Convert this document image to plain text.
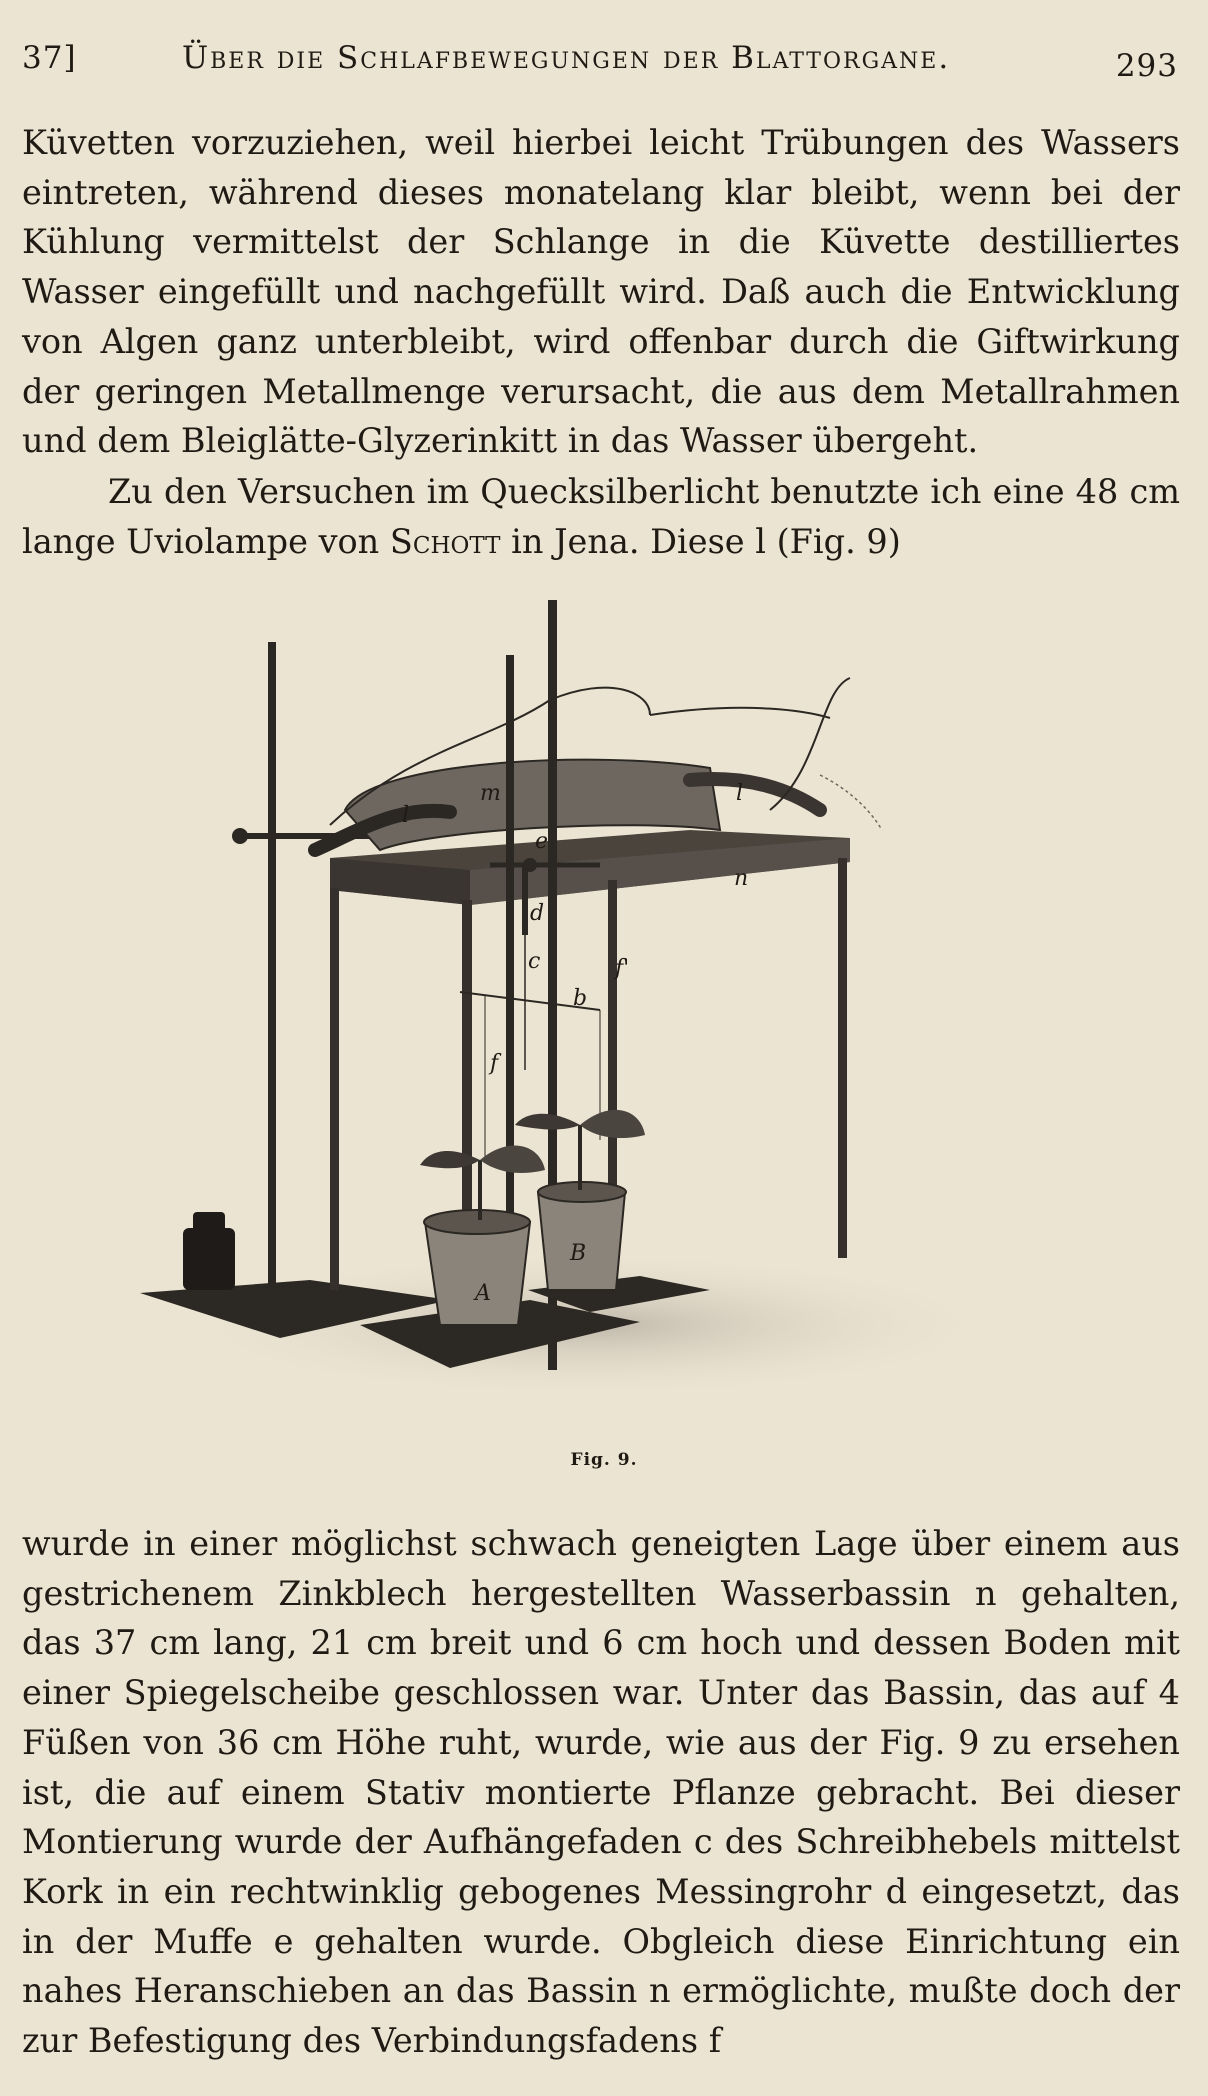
37]	Über die Schlafbewegungen der Blattorgane.	293

Küvetten vorzuziehen, weil hierbei leicht Trübungen des Wassers eintreten, während dieses monatelang klar bleibt, wenn bei der Kühlung vermittelst der Schlange in die Küvette destilliertes Wasser eingefüllt und nachgefüllt wird. Daß auch die Entwicklung von Algen ganz unterbleibt, wird offenbar durch die Giftwirkung der geringen Metallmenge verursacht, die aus dem Metallrahmen und dem Bleiglätte-Glyzerinkitt in das Wasser übergeht.

Zu den Versuchen im Quecksilberlicht benutzte ich eine 48 cm lange Uviolampe von Schott in Jena. Diese l (Fig. 9)

m
l
l
e
n
d
c	f'
b
f
A
B
Fig. 9.

wurde in einer möglichst schwach geneigten Lage über einem aus gestrichenem Zinkblech hergestellten Wasserbassin n gehalten, das 37 cm lang, 21 cm breit und 6 cm hoch und dessen Boden mit einer Spiegelscheibe geschlossen war. Unter das Bassin, das auf 4 Füßen von 36 cm Höhe ruht, wurde, wie aus der Fig. 9 zu ersehen ist, die auf einem Stativ montierte Pflanze gebracht. Bei dieser Montierung wurde der Aufhängefaden c des Schreibhebels mittelst Kork in ein rechtwinklig gebogenes Messingrohr d eingesetzt, das in der Muffe e gehalten wurde. Obgleich diese Einrichtung ein nahes Heranschieben an das Bassin n ermöglichte, mußte doch der zur Befestigung des Verbindungsfadens f
